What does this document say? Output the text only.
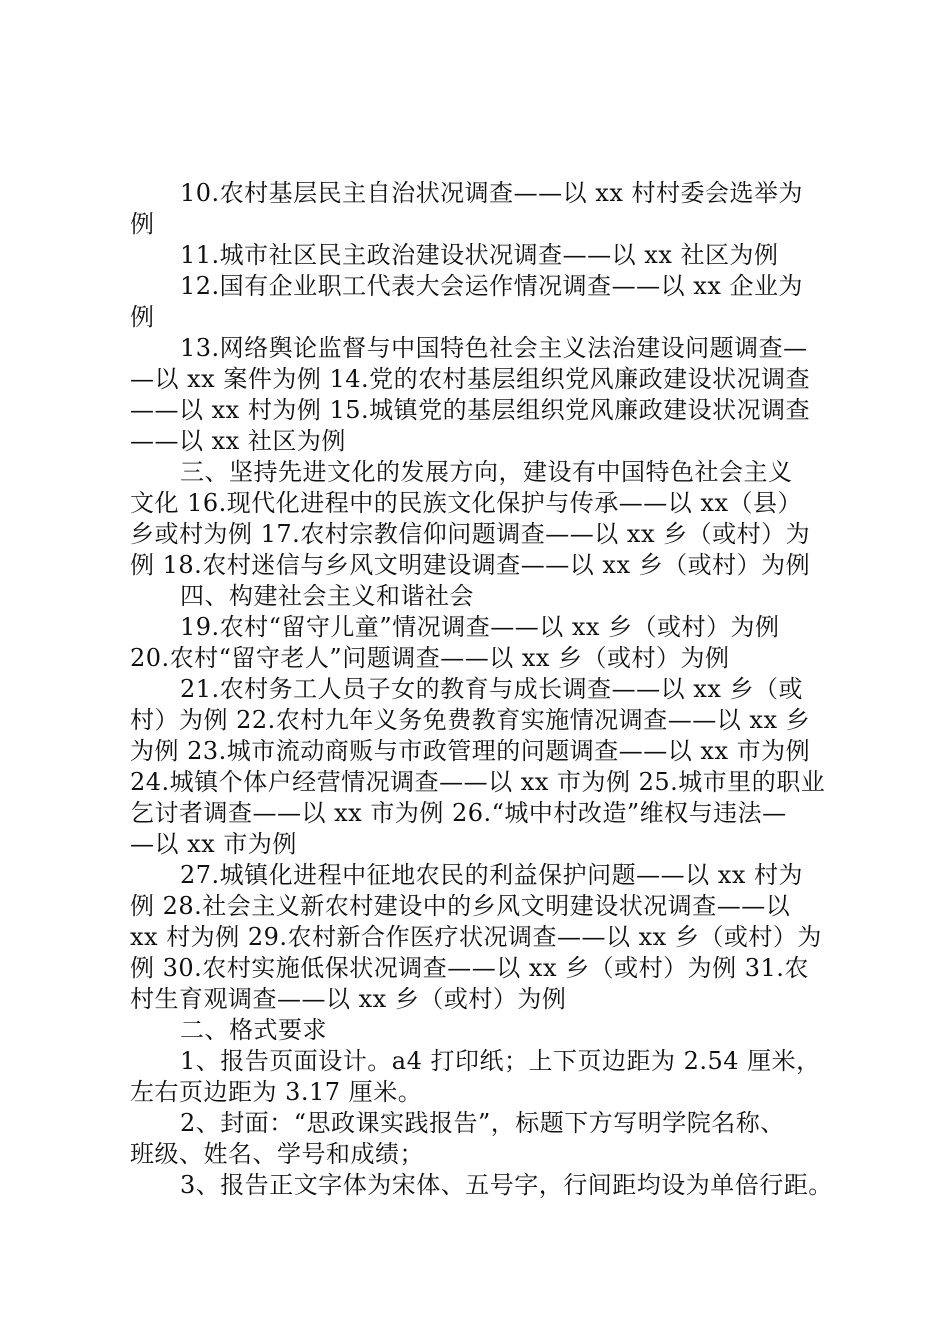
10.农村基层民主自治状况调查——以 xx 村村委会选举为
例
11.城市社区民主政治建设状况调查——以 xx 社区为例
12.国有企业职工代表大会运作情况调查——以 xx 企业为
例
13.网络舆论监督与中国特色社会主义法治建设问题调查—
—以 xx 案件为例 14.党的农村基层组织党风廉政建设状况调查
——以 xx 村为例 15.城镇党的基层组织党风廉政建设状况调查
——以 xx 社区为例
三、坚持先进文化的发展方向，建设有中国特色社会主义
文化 16.现代化进程中的民族文化保护与传承——以 xx（县）
乡或村为例 17.农村宗教信仰问题调查——以 xx 乡（或村）为
例 18.农村迷信与乡风文明建设调查——以 xx 乡（或村）为例
四、构建社会主义和谐社会
19.农村“留守儿童”情况调查——以 xx 乡（或村）为例
20.农村“留守老人”问题调查——以 xx 乡（或村）为例
21.农村务工人员子女的教育与成长调查——以 xx 乡（或
村）为例 22.农村九年义务免费教育实施情况调查——以 xx 乡
为例 23.城市流动商贩与市政管理的问题调查——以 xx 市为例
24.城镇个体户经营情况调查——以 xx 市为例 25.城市里的职业
乞讨者调查——以 xx 市为例 26.“城中村改造”维权与违法—
—以 xx 市为例
27.城镇化进程中征地农民的利益保护问题——以 xx 村为
例 28.社会主义新农村建设中的乡风文明建设状况调查——以
xx 村为例 29.农村新合作医疗状况调查——以 xx 乡（或村）为
例 30.农村实施低保状况调查——以 xx 乡（或村）为例 31.农
村生育观调查——以 xx 乡（或村）为例
二、格式要求
1、报告页面设计。a4 打印纸；上下页边距为 2.54 厘米，
左右页边距为 3.17 厘米。
2、封面：“思政课实践报告”，标题下方写明学院名称、
班级、姓名、学号和成绩；
3、报告正文字体为宋体、五号字，行间距均设为单倍行距。
